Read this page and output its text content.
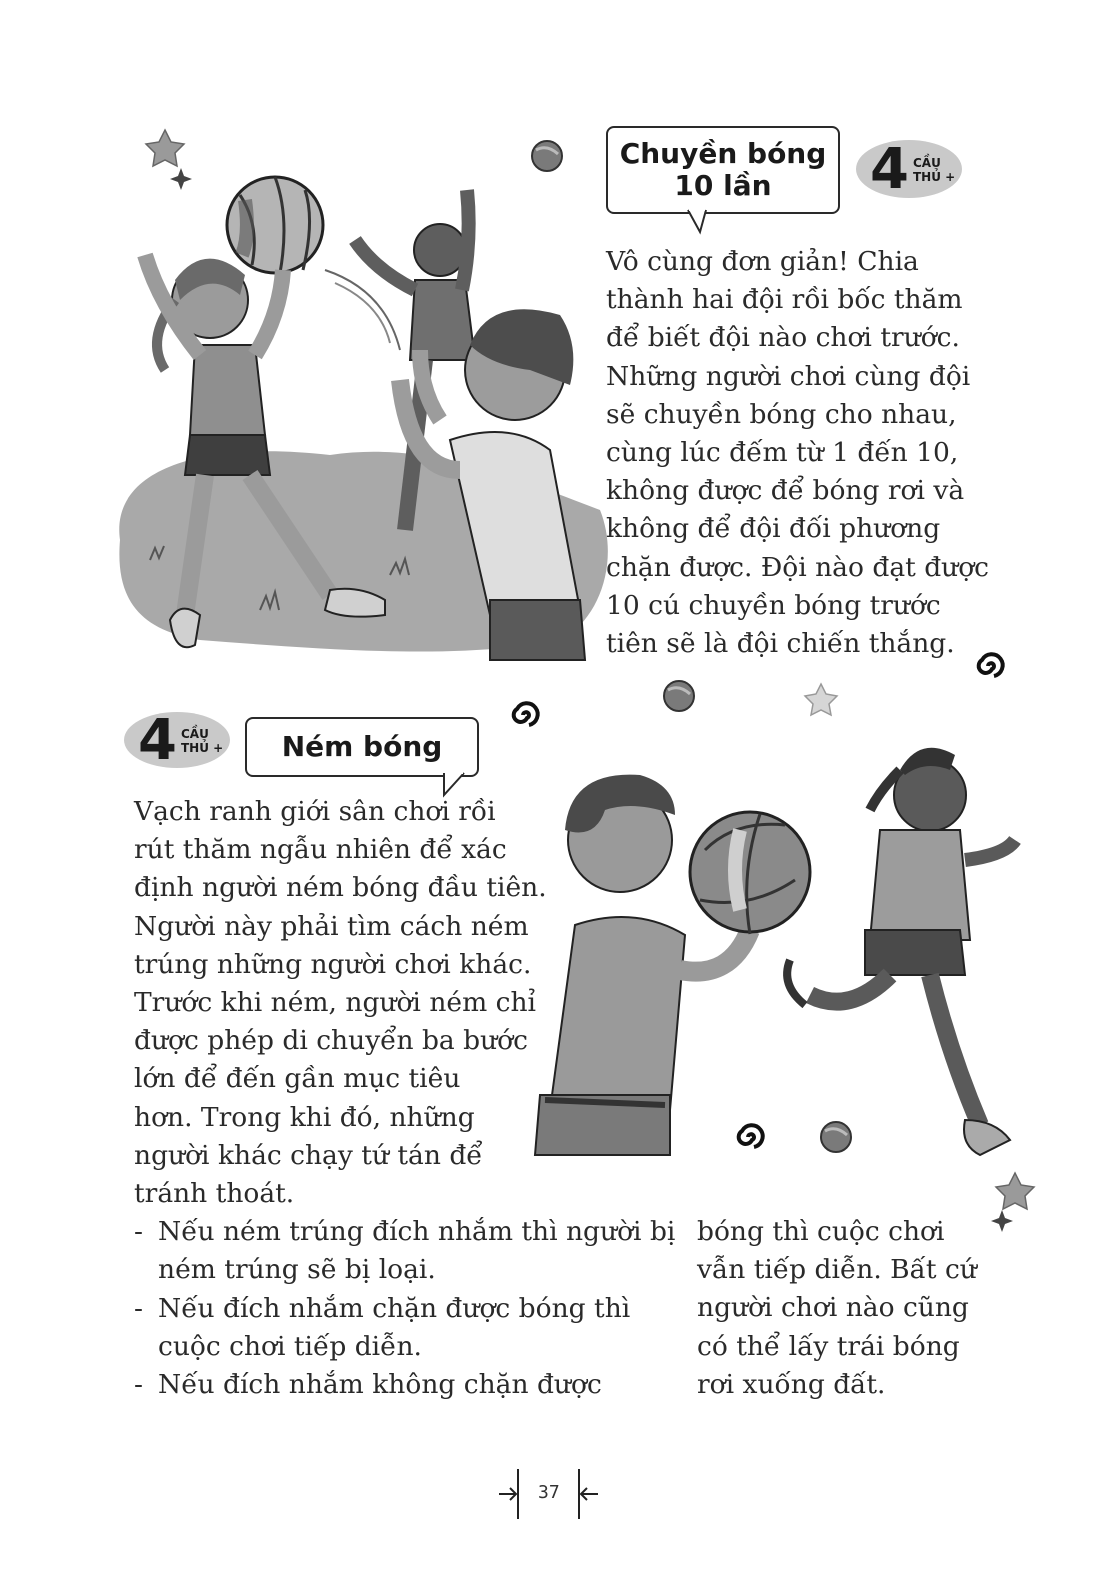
Chuyền bóng
10 lần	4 CẦU
THỦ +
Vô cùng đơn giản! Chia
thành hai đội rồi bốc thăm
để biết đội nào chơi trước.
Những người chơi cùng đội
sẽ chuyền bóng cho nhau,
cùng lúc đếm từ 1 đến 10,
không được để bóng rơi và
không để đội đối phương
chặn được. Đội nào đạt được
10 cú chuyền bóng trước
tiên sẽ là đội chiến thắng.
4 CẦU
THỦ +	Ném bóng
Vạch ranh giới sân chơi rồi
rút thăm ngẫu nhiên để xác
định người ném bóng đầu tiên.
Người này phải tìm cách ném
trúng những người chơi khác.
Trước khi ném, người ném chỉ
được phép di chuyển ba bước
lớn để đến gần mục tiêu
hơn. Trong khi đó, những
người khác chạy tứ tán để
tránh thoát.
- Nếu ném trúng đích nhắm thì người bị
ném trúng sẽ bị loại.
- Nếu đích nhắm chặn được bóng thì
cuộc chơi tiếp diễn.
- Nếu đích nhắm không chặn được
bóng thì cuộc chơi
vẫn tiếp diễn. Bất cứ
người chơi nào cũng
có thể lấy trái bóng
rơi xuống đất.
37
